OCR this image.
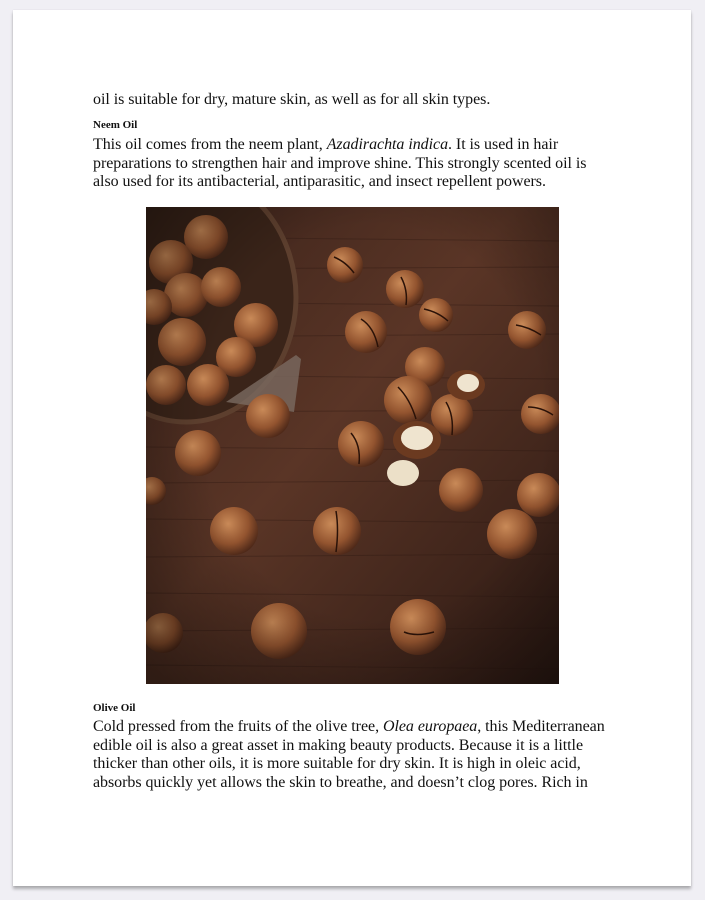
oil is suitable for dry, mature skin, as well as for all skin types.

Neem Oil

This oil comes from the neem plant, Azadirachta indica. It is used in hair

preparations to strengthen hair and improve shine. This strongly scented oil is

also used for its antibacterial, antiparasitic, and insect repellent powers.

Olive Oil

Cold pressed from the fruits of the olive tree, Olea europaea, this Mediterranean

edible oil is also a great asset in making beauty products. Because it is a little

thicker than other oils, it is more suitable for dry skin. It is high in oleic acid,

absorbs quickly yet allows the skin to breathe, and doesn’t clog pores. Rich in
